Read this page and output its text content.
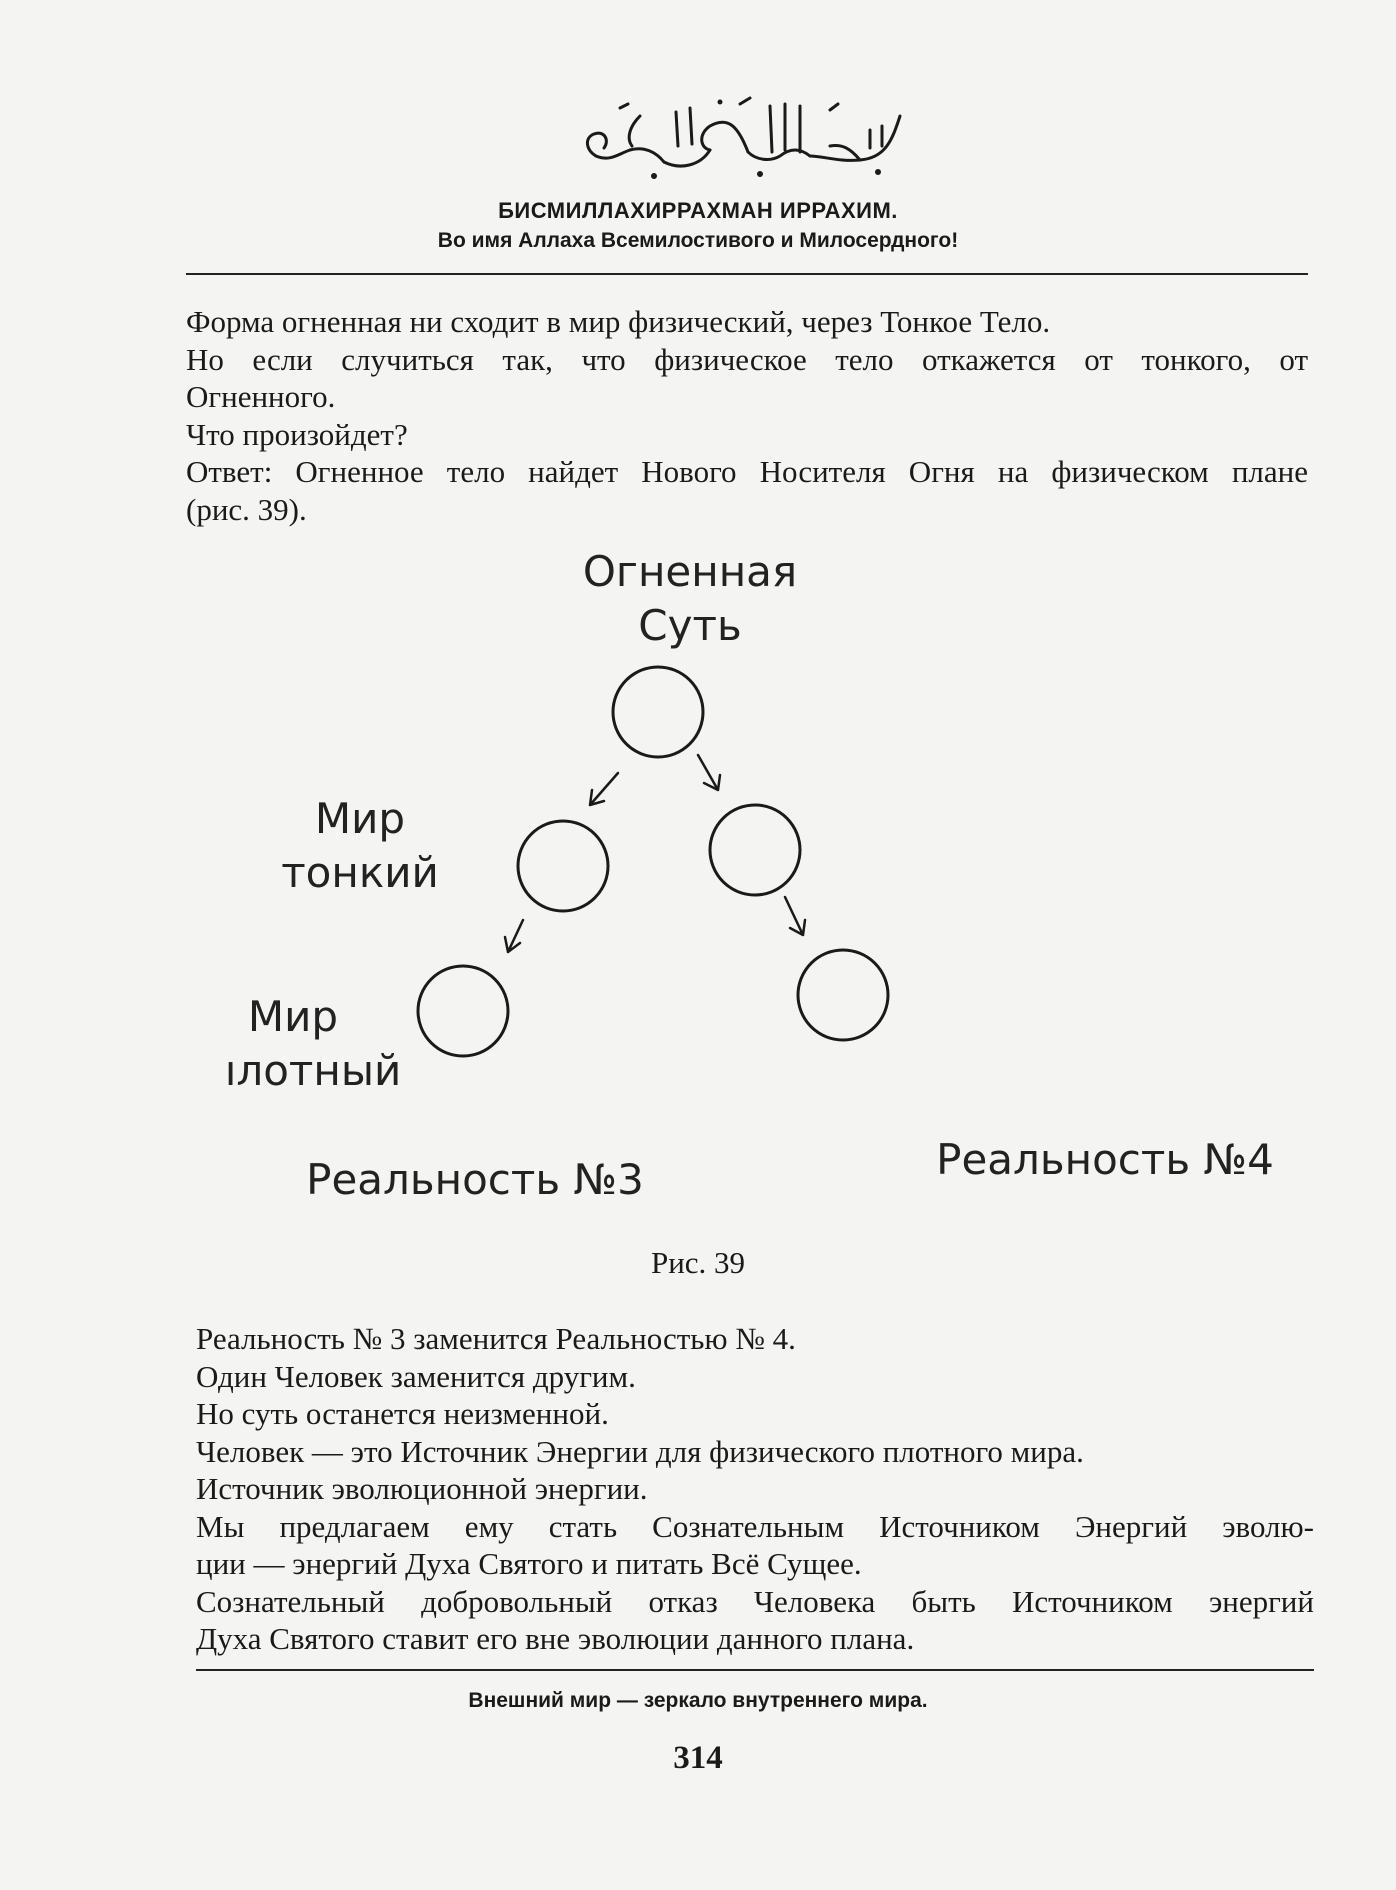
БИСМИЛЛАХИРРАХМАН ИРРАХИМ.
Во имя Аллаха Всемилостивого и Милосердного!
Форма огненная ни сходит в мир физический, через Тонкое Тело.
Но если случиться так, что физическое тело откажется от тонкого, от
Огненного.
Что произойдет?
Ответ: Огненное тело найдет Нового Носителя Огня на физическом плане
(рис. 39).
Огненная
Суть
Мир
тонкий
Мир
ıлотный
Реальность №3	Реальность №4
Рис. 39
Реальность № 3 заменится Реальностью № 4.
Один Человек заменится другим.
Но суть останется неизменной.
Человек — это Источник Энергии для физического плотного мира.
Источник эволюционной энергии.
Мы предлагаем ему стать Сознательным Источником Энергий эволю-
ции — энергий Духа Святого и питать Всё Сущее.
Сознательный добровольный отказ Человека быть Источником энергий
Духа Святого ставит его вне эволюции данного плана.
Внешний мир — зеркало внутреннего мира.
314
